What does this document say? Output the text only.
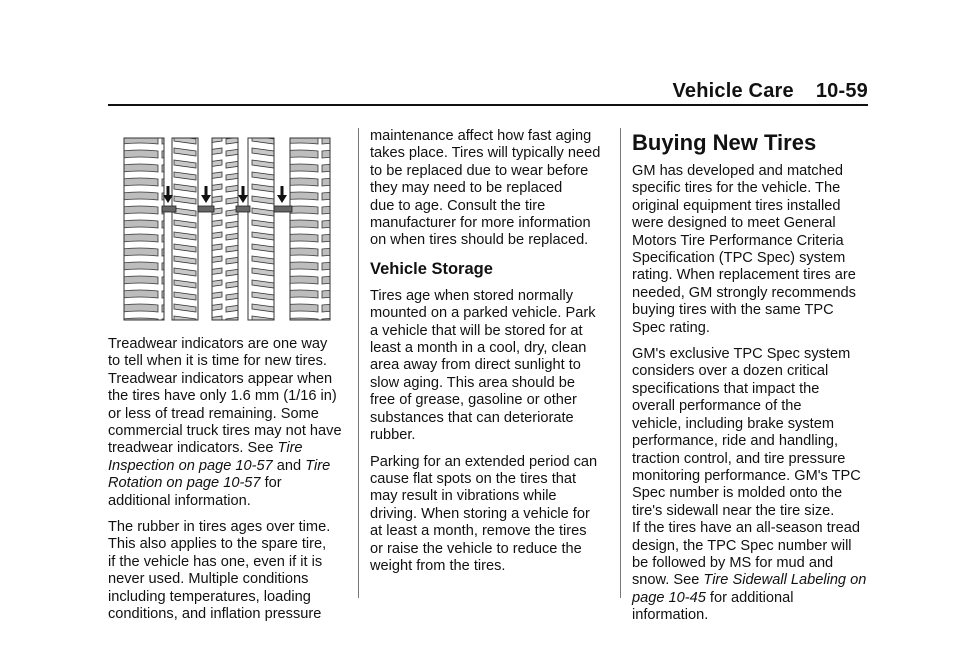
Vehicle Care 10-59

Treadwear indicators are one way
to tell when it is time for new tires.
Treadwear indicators appear when
the tires have only 1.6 mm (1/16 in)
or less of tread remaining. Some
commercial truck tires may not have
treadwear indicators. See Tire
Inspection on page 10-57 and Tire
Rotation on page 10-57 for
additional information.

The rubber in tires ages over time.
This also applies to the spare tire,
if the vehicle has one, even if it is
never used. Multiple conditions
including temperatures, loading
conditions, and inflation pressure

maintenance affect how fast aging
takes place. Tires will typically need
to be replaced due to wear before
they may need to be replaced
due to age. Consult the tire
manufacturer for more information
on when tires should be replaced.

Vehicle Storage

Tires age when stored normally
mounted on a parked vehicle. Park
a vehicle that will be stored for at
least a month in a cool, dry, clean
area away from direct sunlight to
slow aging. This area should be
free of grease, gasoline or other
substances that can deteriorate
rubber.

Parking for an extended period can
cause flat spots on the tires that
may result in vibrations while
driving. When storing a vehicle for
at least a month, remove the tires
or raise the vehicle to reduce the
weight from the tires.

Buying New Tires

GM has developed and matched
specific tires for the vehicle. The
original equipment tires installed
were designed to meet General
Motors Tire Performance Criteria
Specification (TPC Spec) system
rating. When replacement tires are
needed, GM strongly recommends
buying tires with the same TPC
Spec rating.

GM's exclusive TPC Spec system
considers over a dozen critical
specifications that impact the
overall performance of the
vehicle, including brake system
performance, ride and handling,
traction control, and tire pressure
monitoring performance. GM's TPC
Spec number is molded onto the
tire's sidewall near the tire size.
If the tires have an all-season tread
design, the TPC Spec number will
be followed by MS for mud and
snow. See Tire Sidewall Labeling on
page 10-45 for additional
information.
